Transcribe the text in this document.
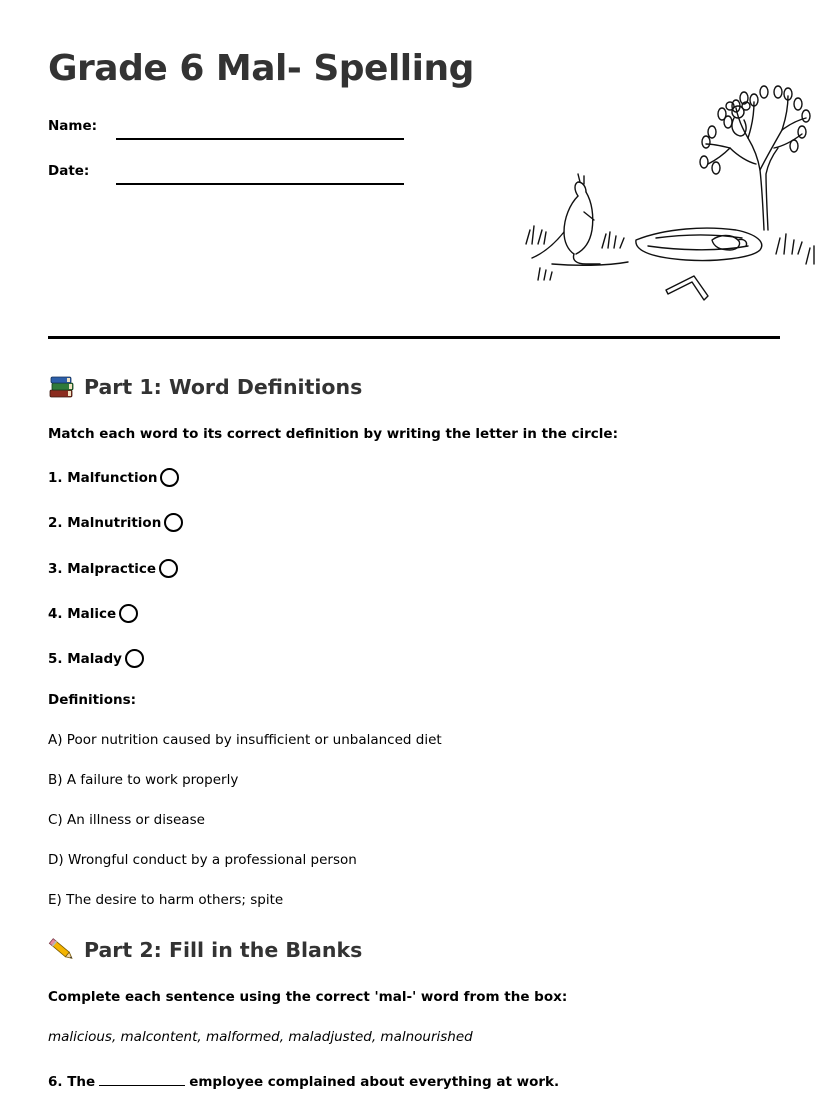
Grade 6 Mal- Spelling
Name:
Date:
Part 1: Word Definitions
Match each word to its correct definition by writing the letter in the circle:
1. Malfunction
2. Malnutrition
3. Malpractice
4. Malice
5. Malady
Definitions:
A) Poor nutrition caused by insufficient or unbalanced diet
B) A failure to work properly
C) An illness or disease
D) Wrongful conduct by a professional person
E) The desire to harm others; spite
Part 2: Fill in the Blanks
Complete each sentence using the correct 'mal-' word from the box:
malicious, malcontent, malformed, maladjusted, malnourished
6. The	employee complained about everything at work.
